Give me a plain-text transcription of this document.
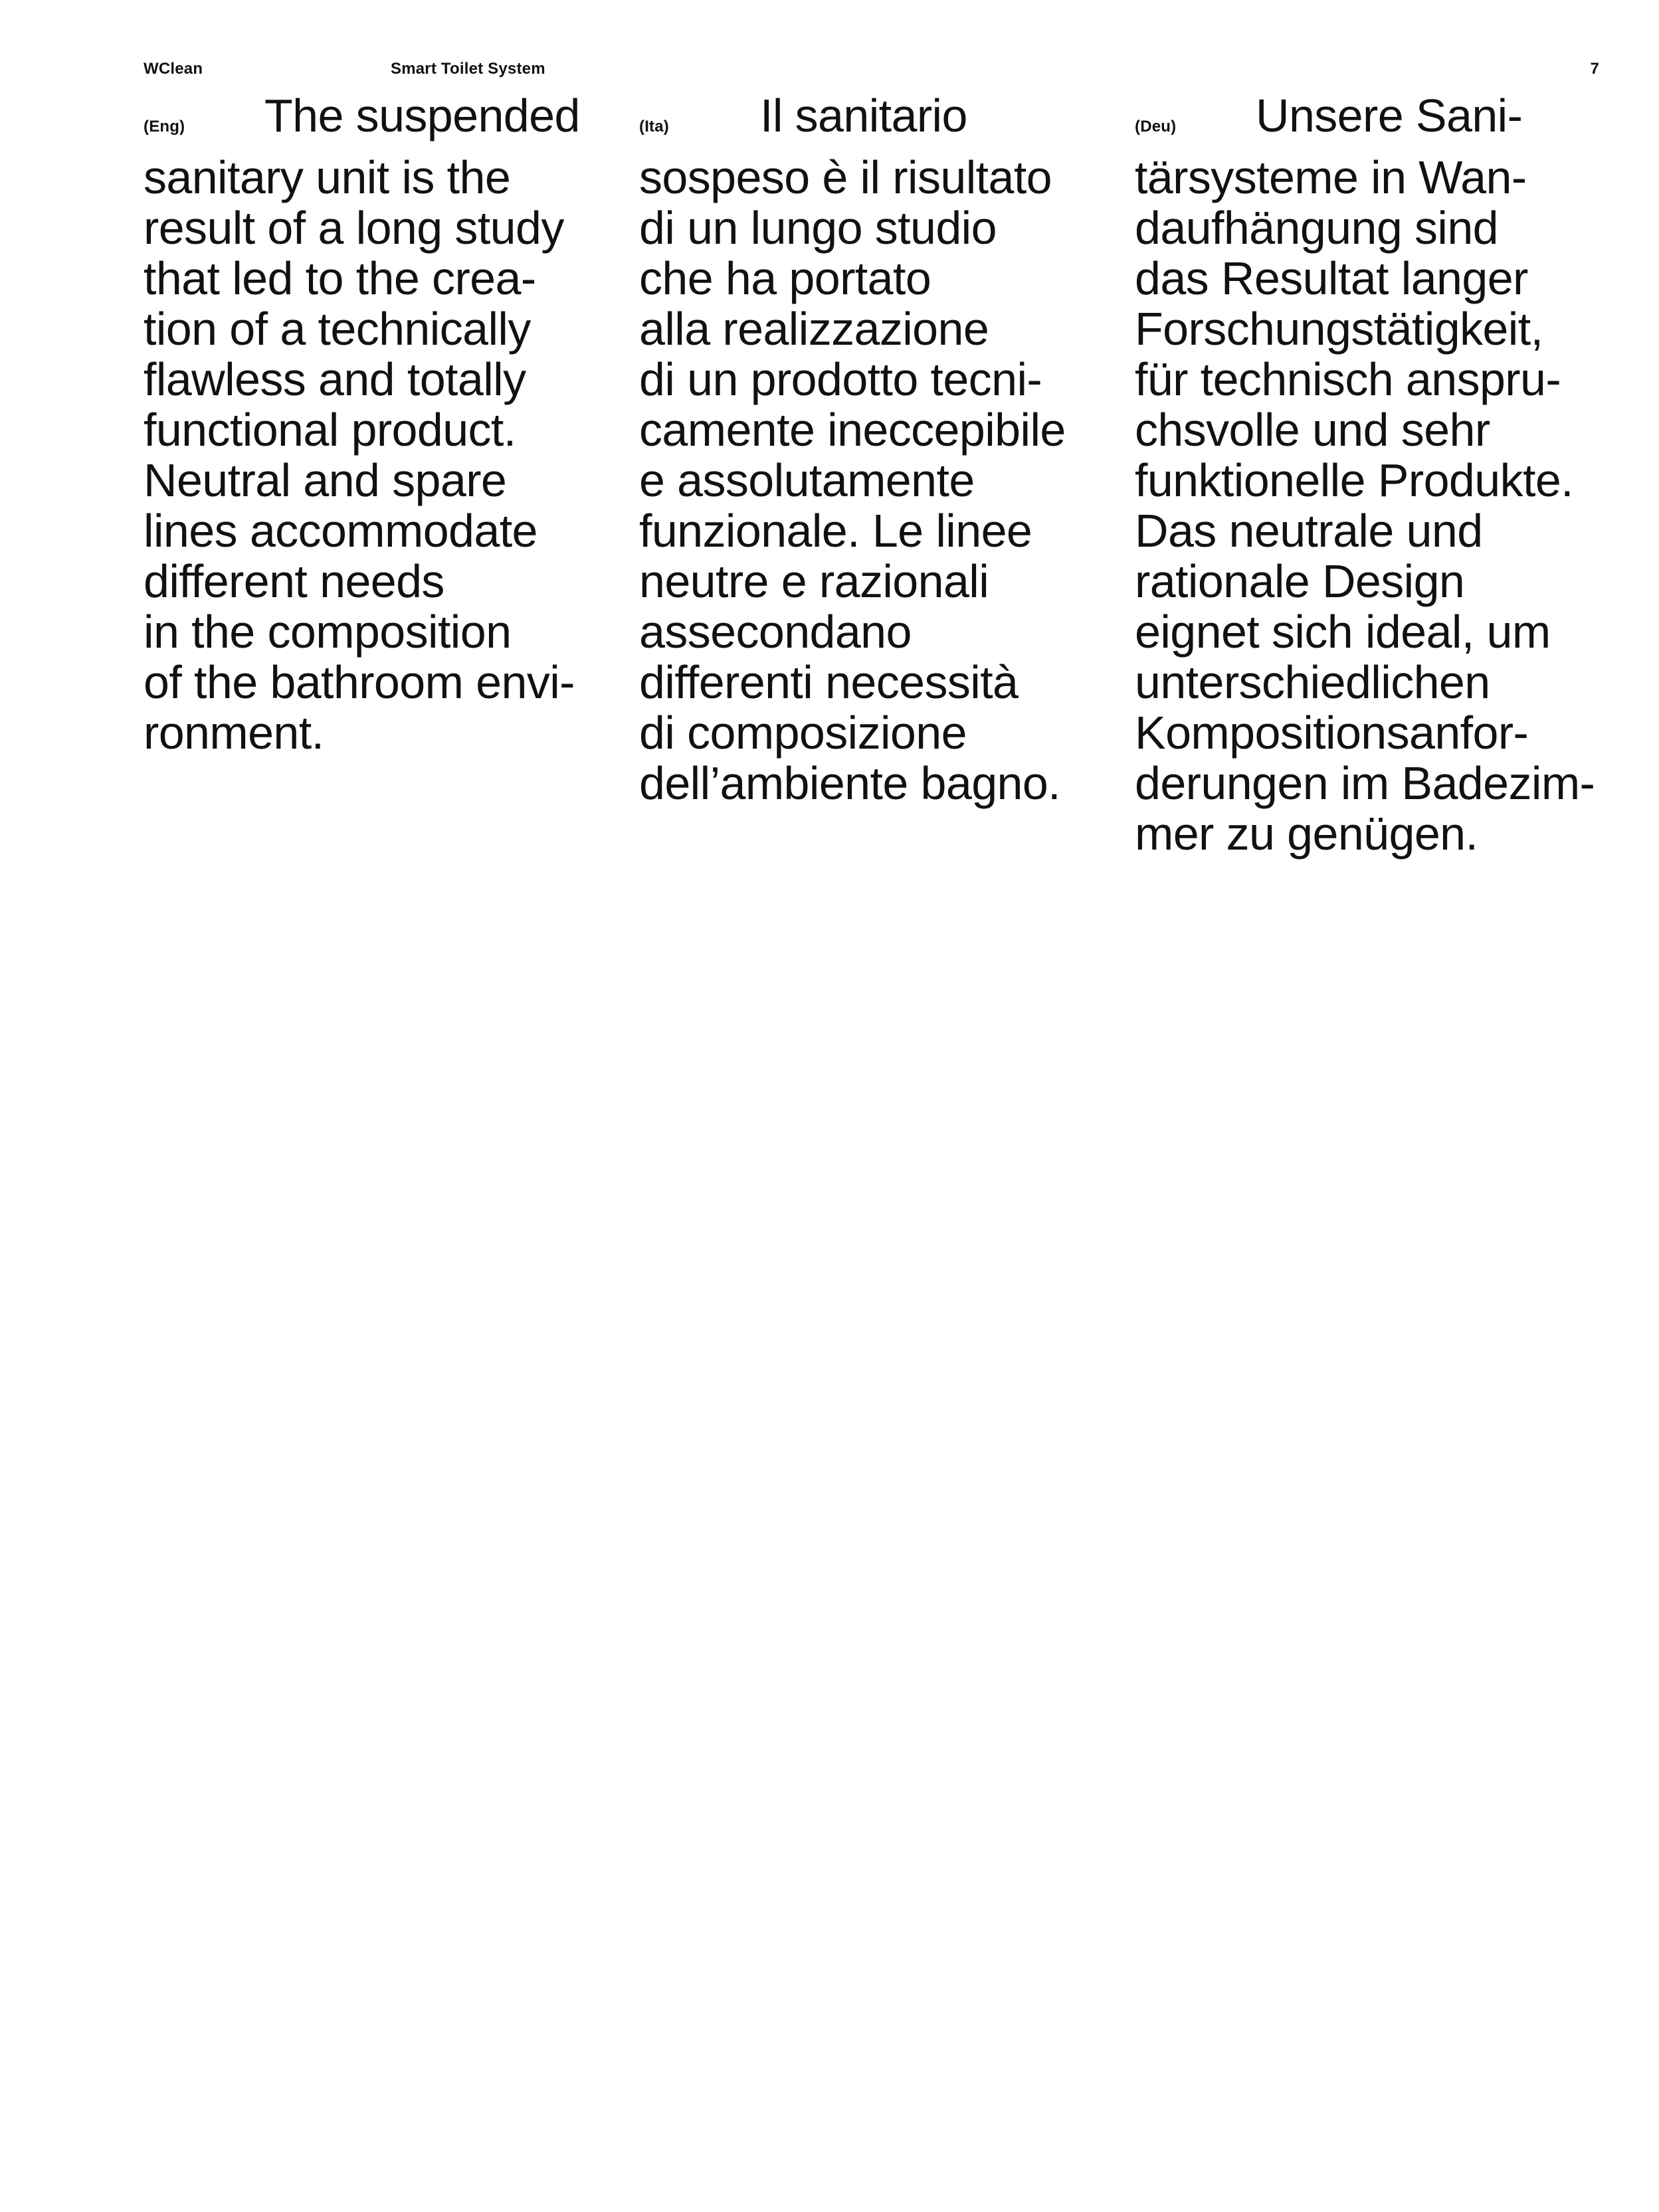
WClean	Smart Toilet System	7
(Eng) The suspended
sanitary unit is the
result of a long study
that led to the crea-
tion of a technically
flawless and totally
functional product.
Neutral and spare
lines accommodate
different needs
in the composition
of the bathroom envi-
ronment.
(Ita) Il sanitario
sospeso è il risultato
di un lungo studio
che ha portato
alla realizzazione
di un prodotto tecni-
camente ineccepibile
e assolutamente
funzionale. Le linee
neutre e razionali
assecondano
differenti necessità
di composizione
dell’ambiente bagno.
(Deu) Unsere Sani-
tärsysteme in Wan-
daufhängung sind
das Resultat langer
Forschungstätigkeit,
für technisch anspru-
chsvolle und sehr
funktionelle Produkte.
Das neutrale und
rationale Design
eignet sich ideal, um
unterschiedlichen
Kompositionsanfor-
derungen im Badezim-
mer zu genügen.
